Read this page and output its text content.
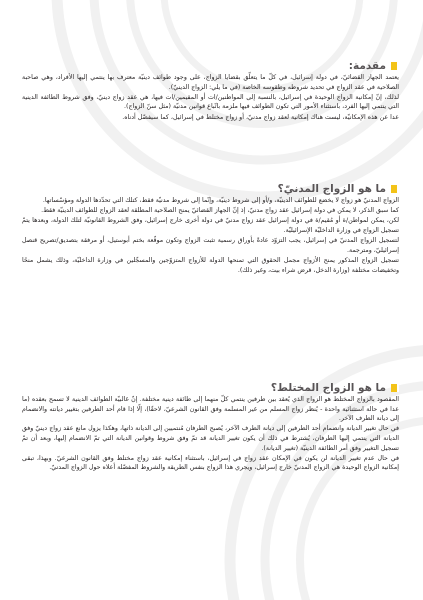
مقدمة:

يعتمد الجهاز القضائيّ، في دولة إسرائيل، في كلّ ما يتعلّق بقضايا الزواج، على وجود طوائف دينيّة معترف بها ينتمي إليها الأفراد، وهي صاحبة الصلاحية في عقد الزواج في تحديد شروطه وطقوسه الخاصة (في ما يلي: الزواج الدينيّ).

لذلك، إنّ إمكانية الزواج الوحيدة في إسرائيل، بالنسبة إلى المواطنين/ات أو المقيمين/ات فيها، هي عقد زواج دينيّ، وفق شروط الطائفة الدينية التي ينتمي إليها الفرد، باستثناء الأمور التي تكون الطوائف فيها ملزمة باتّباع قوانين مدنيّة (مثل سنّ الزواج).

عدا عن هذه الإمكانيّة، ليست هناك إمكانية لعقد زواج مدنيّ، أو زواج مختلط في إسرائيل، كما سيفصّل أدناه.

ما هو الزواج المدنيّ؟

الزواج المدنيّ هو زواج لا يخضع للطوائف الدينيّة، و/أو إلى شروط دينيّة، وإنّما إلى شروط مدنيّة فقط، كتلك التي تحدّدها الدولة ومؤسّساتها.

كما سبق الذكر، لا يمكن في دولة إسرائيل عقد زواج مدنيّ، إذ إنّ الجهاز القضائيّ يمنح الصلاحية المطلقة لعقد الزواج للطوائف الدينيّة فقط.

لكن، يمكن لمواطن/ة أو مُقيم/ة في دولة إسرائيل عقد زواج مدنيّ في دولة أخرى خارج إسرائيل، وفق الشروط القانونيّة لتلك الدولة، وبعدها يتمّ تسجيل الزواج في وزارة الداخليّة الإسرائيليّة.

لتسجيل الزواج المدنيّ في إسرائيل، يجب التزوّد عادةً بأوراق رسمية تثبت الزواج وتكون موقّعة بختم أبوستيل، أو مرفقة بتصديق/تصريح قنصل إسرائيليّ، ومترجمة.

تسجيل الزواج المذكور يمنح الأزواج مجمل الحقوق التي تمنحها الدولة للأزواج المتزوّجين والمسجّلين في وزارة الداخليّة، وذلك يشمل منحًا وتخفيضات مختلفة (وزارة الدخل، قرض شراء بيت، وغير ذلك).

ما هو الزواج المختلط؟

المقصود بالزواج المختلط هو الزواج الذي يُعقد بين طرفين ينتمي كلّ منهما إلى طائفة دينية مختلفة. إنّ غالبيّة الطوائف الدينية لا تسمح بعقده (ما عدا في حالة استثنائية واحدة - يُنظر زواج المسلم من غير المسلمة وفق القانون الشرعيّ، لاحقًا)، إلّا إذا قام أحد الطرفين بتغيير ديانته والانضمام إلى ديانة الطرف الآخر.

في حال تغيير الديانة وانضمام أحد الطرفين إلى ديانة الطرف الآخر، يُصبح الطرفان مُنتميين إلى الديانة ذاتها، وهكذا يزول مانع عقد زواج دينيّ وفق الديانة التي ينتمي إليها الطرفان، يُشترط في ذلك أن يكون تغيير الديانة قد تمّ وفق شروط وقوانين الديانة التي تمّ الانضمام إليها، وبعد أن تمّ تسجيل التغيير وفق أمر الطائفة الدينيّة (تغيير الديانة).

في حال عدم تغيير الديانة لن يكون في الإمكان عقد زواج في إسرائيل، باستثناء إمكانية عقد زواج مختلط وفق القانون الشرعيّ. وبهذا، تبقى إمكانية الزواج الوحيدة هي الزواج المدنيّ خارج إسرائيل، ويجري هذا الزواج بنفس الطريقة والشروط المفصّلة أعلاه حول الزواج المدنيّ.
